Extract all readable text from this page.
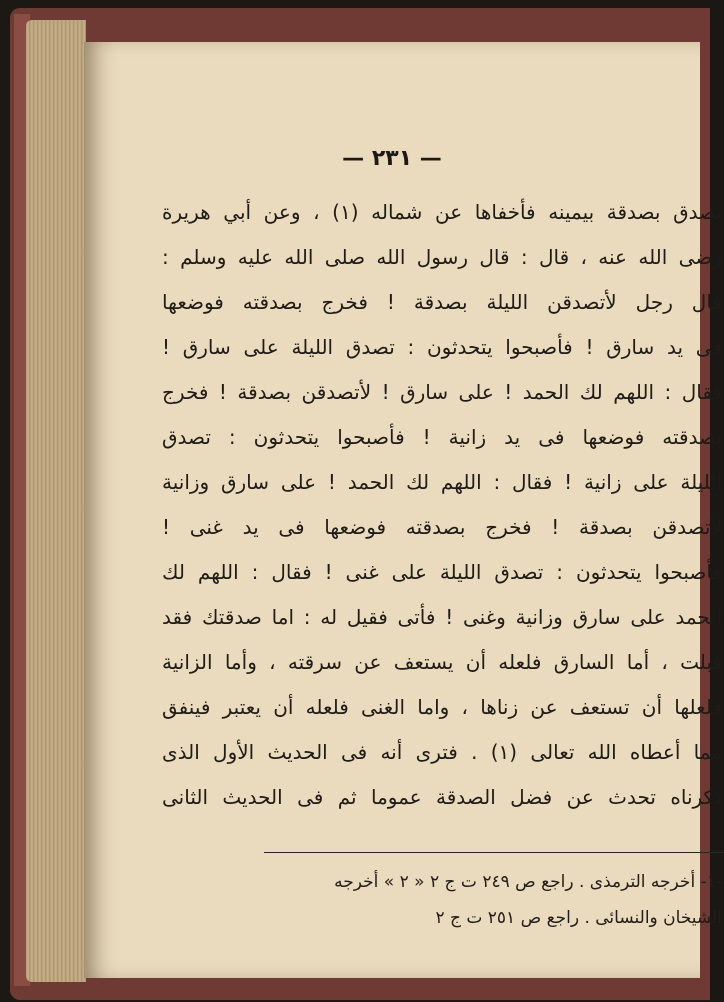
— ٢٣١ —
تصدق بصدقة بيمينه فأخفاها عن شماله (١) ، وعن أبي هريرة
رضى الله عنه ، قال : قال رسول الله صلى الله عليه وسلم :
قال رجل لأتصدقن الليلة بصدقة ! فخرج بصدقته فوضعها
فى يد سارق ! فأصبحوا يتحدثون : تصدق الليلة على سارق !
فقال : اللهم لك الحمد ! على سارق ! لأتصدقن بصدقة ! فخرج
بصدقته فوضعها فى يد زانية ! فأصبحوا يتحدثون : تصدق
الليلة على زانية ! فقال : اللهم لك الحمد ! على سارق وزانية
لأتصدقن بصدقة ! فخرج بصدقته فوضعها فى يد غنى !
فأصبحوا يتحدثون : تصدق الليلة على غنى ! فقال : اللهم لك
الحمد على سارق وزانية وغنى ! فأتى فقيل له : اما صدقتك فقد
قبلت ، أما السارق فلعله أن يستعف عن سرقته ، وأما الزانية
فلعلها أن تستعف عن زناها ، واما الغنى فلعله أن يعتبر فينفق
مما أعطاه الله تعالى (١) . فترى أنه فى الحديث الأول الذى
ذكرناه تحدث عن فضل الصدقة عموما ثم فى الحديث الثانى
-١- أخرجه الترمذى . راجع ص ٢٤٩ ت ج ٢ « ٢ » أخرجه
الشيخان والنسائى . راجع ص ٢٥١ ت ج ٢
